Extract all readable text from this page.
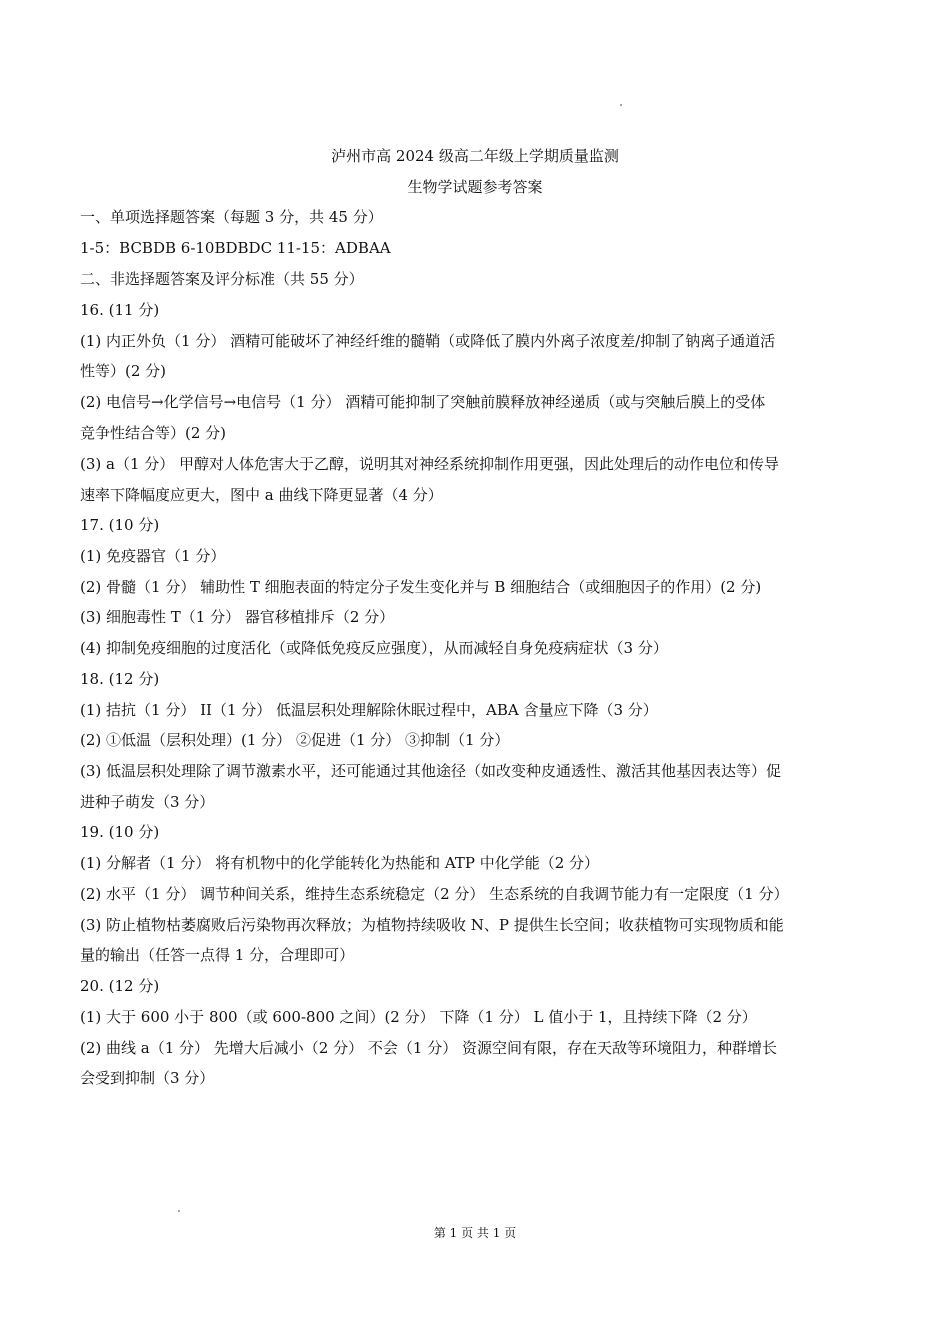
泸州市高 2024 级高二年级上学期质量监测
生物学试题参考答案
一、单项选择题答案（每题 3 分，共 45 分）
1-5：BCBDB 6-10BDBDC 11-15：ADBAA
二、非选择题答案及评分标准（共 55 分）
16. (11 分)
(1) 内正外负（1 分） 酒精可能破坏了神经纤维的髓鞘（或降低了膜内外离子浓度差/抑制了钠离子通道活
性等）(2 分)
(2) 电信号→化学信号→电信号（1 分） 酒精可能抑制了突触前膜释放神经递质（或与突触后膜上的受体
竞争性结合等）(2 分)
(3) a（1 分） 甲醇对人体危害大于乙醇，说明其对神经系统抑制作用更强，因此处理后的动作电位和传导
速率下降幅度应更大，图中 a 曲线下降更显著（4 分）
17. (10 分)
(1) 免疫器官（1 分）
(2) 骨髓（1 分） 辅助性 T 细胞表面的特定分子发生变化并与 B 细胞结合（或细胞因子的作用）(2 分)
(3) 细胞毒性 T（1 分） 器官移植排斥（2 分）
(4) 抑制免疫细胞的过度活化（或降低免疫反应强度），从而减轻自身免疫病症状（3 分）
18. (12 分)
(1) 拮抗（1 分） II（1 分） 低温层积处理解除休眠过程中，ABA 含量应下降（3 分）
(2) ①低温（层积处理）(1 分） ②促进（1 分） ③抑制（1 分）
(3) 低温层积处理除了调节激素水平，还可能通过其他途径（如改变种皮通透性、激活其他基因表达等）促
进种子萌发（3 分）
19. (10 分)
(1) 分解者（1 分） 将有机物中的化学能转化为热能和 ATP 中化学能（2 分）
(2) 水平（1 分） 调节种间关系，维持生态系统稳定（2 分） 生态系统的自我调节能力有一定限度（1 分）
(3) 防止植物枯萎腐败后污染物再次释放；为植物持续吸收 N、P 提供生长空间；收获植物可实现物质和能
量的输出（任答一点得 1 分，合理即可）
20. (12 分)
(1) 大于 600 小于 800（或 600-800 之间）(2 分） 下降（1 分） L 值小于 1，且持续下降（2 分）
(2) 曲线 a（1 分） 先增大后减小（2 分） 不会（1 分） 资源空间有限，存在天敌等环境阻力，种群增长
会受到抑制（3 分）
第 1 页 共 1 页
